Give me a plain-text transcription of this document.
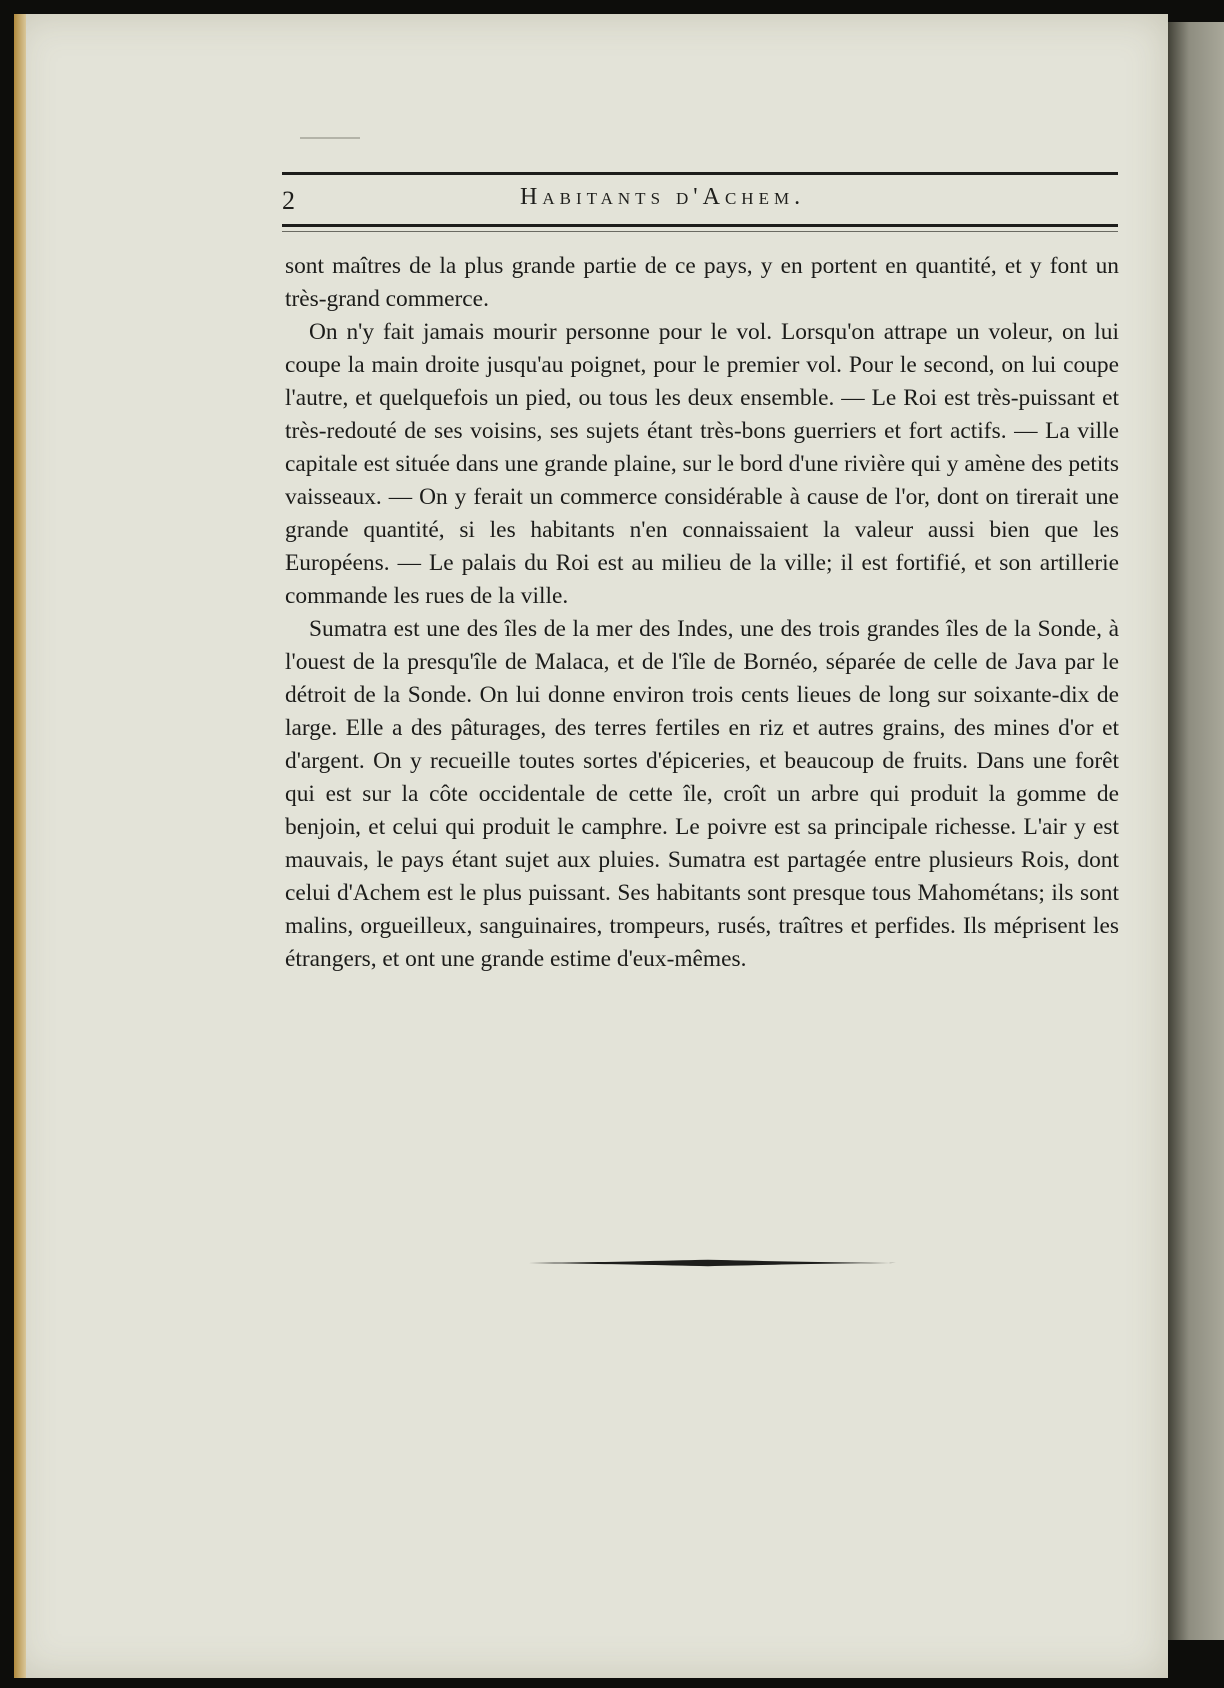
2	Habitants d'Achem.

sont maîtres de la plus grande partie de ce pays, y en portent en quantité, et y font un très-grand commerce.

On n'y fait jamais mourir personne pour le vol. Lorsqu'on attrape un voleur, on lui coupe la main droite jusqu'au poignet, pour le premier vol. Pour le second, on lui coupe l'autre, et quelquefois un pied, ou tous les deux ensemble. — Le Roi est très-puissant et très-redouté de ses voisins, ses sujets étant très-bons guerriers et fort actifs. — La ville capitale est située dans une grande plaine, sur le bord d'une rivière qui y amène des petits vaisseaux. — On y ferait un commerce considérable à cause de l'or, dont on tirerait une grande quantité, si les habitants n'en connaissaient la valeur aussi bien que les Européens. — Le palais du Roi est au milieu de la ville; il est fortifié, et son artillerie commande les rues de la ville.

Sumatra est une des îles de la mer des Indes, une des trois grandes îles de la Sonde, à l'ouest de la presqu'île de Malaca, et de l'île de Bornéo, séparée de celle de Java par le détroit de la Sonde. On lui donne environ trois cents lieues de long sur soixante-dix de large. Elle a des pâturages, des terres fertiles en riz et autres grains, des mines d'or et d'argent. On y recueille toutes sortes d'épiceries, et beaucoup de fruits. Dans une forêt qui est sur la côte occidentale de cette île, croît un arbre qui produit la gomme de benjoin, et celui qui produit le camphre. Le poivre est sa principale richesse. L'air y est mauvais, le pays étant sujet aux pluies. Sumatra est partagée entre plusieurs Rois, dont celui d'Achem est le plus puissant. Ses habitants sont presque tous Mahométans; ils sont malins, orgueilleux, sanguinaires, trompeurs, rusés, traîtres et perfides. Ils méprisent les étrangers, et ont une grande estime d'eux-mêmes.
